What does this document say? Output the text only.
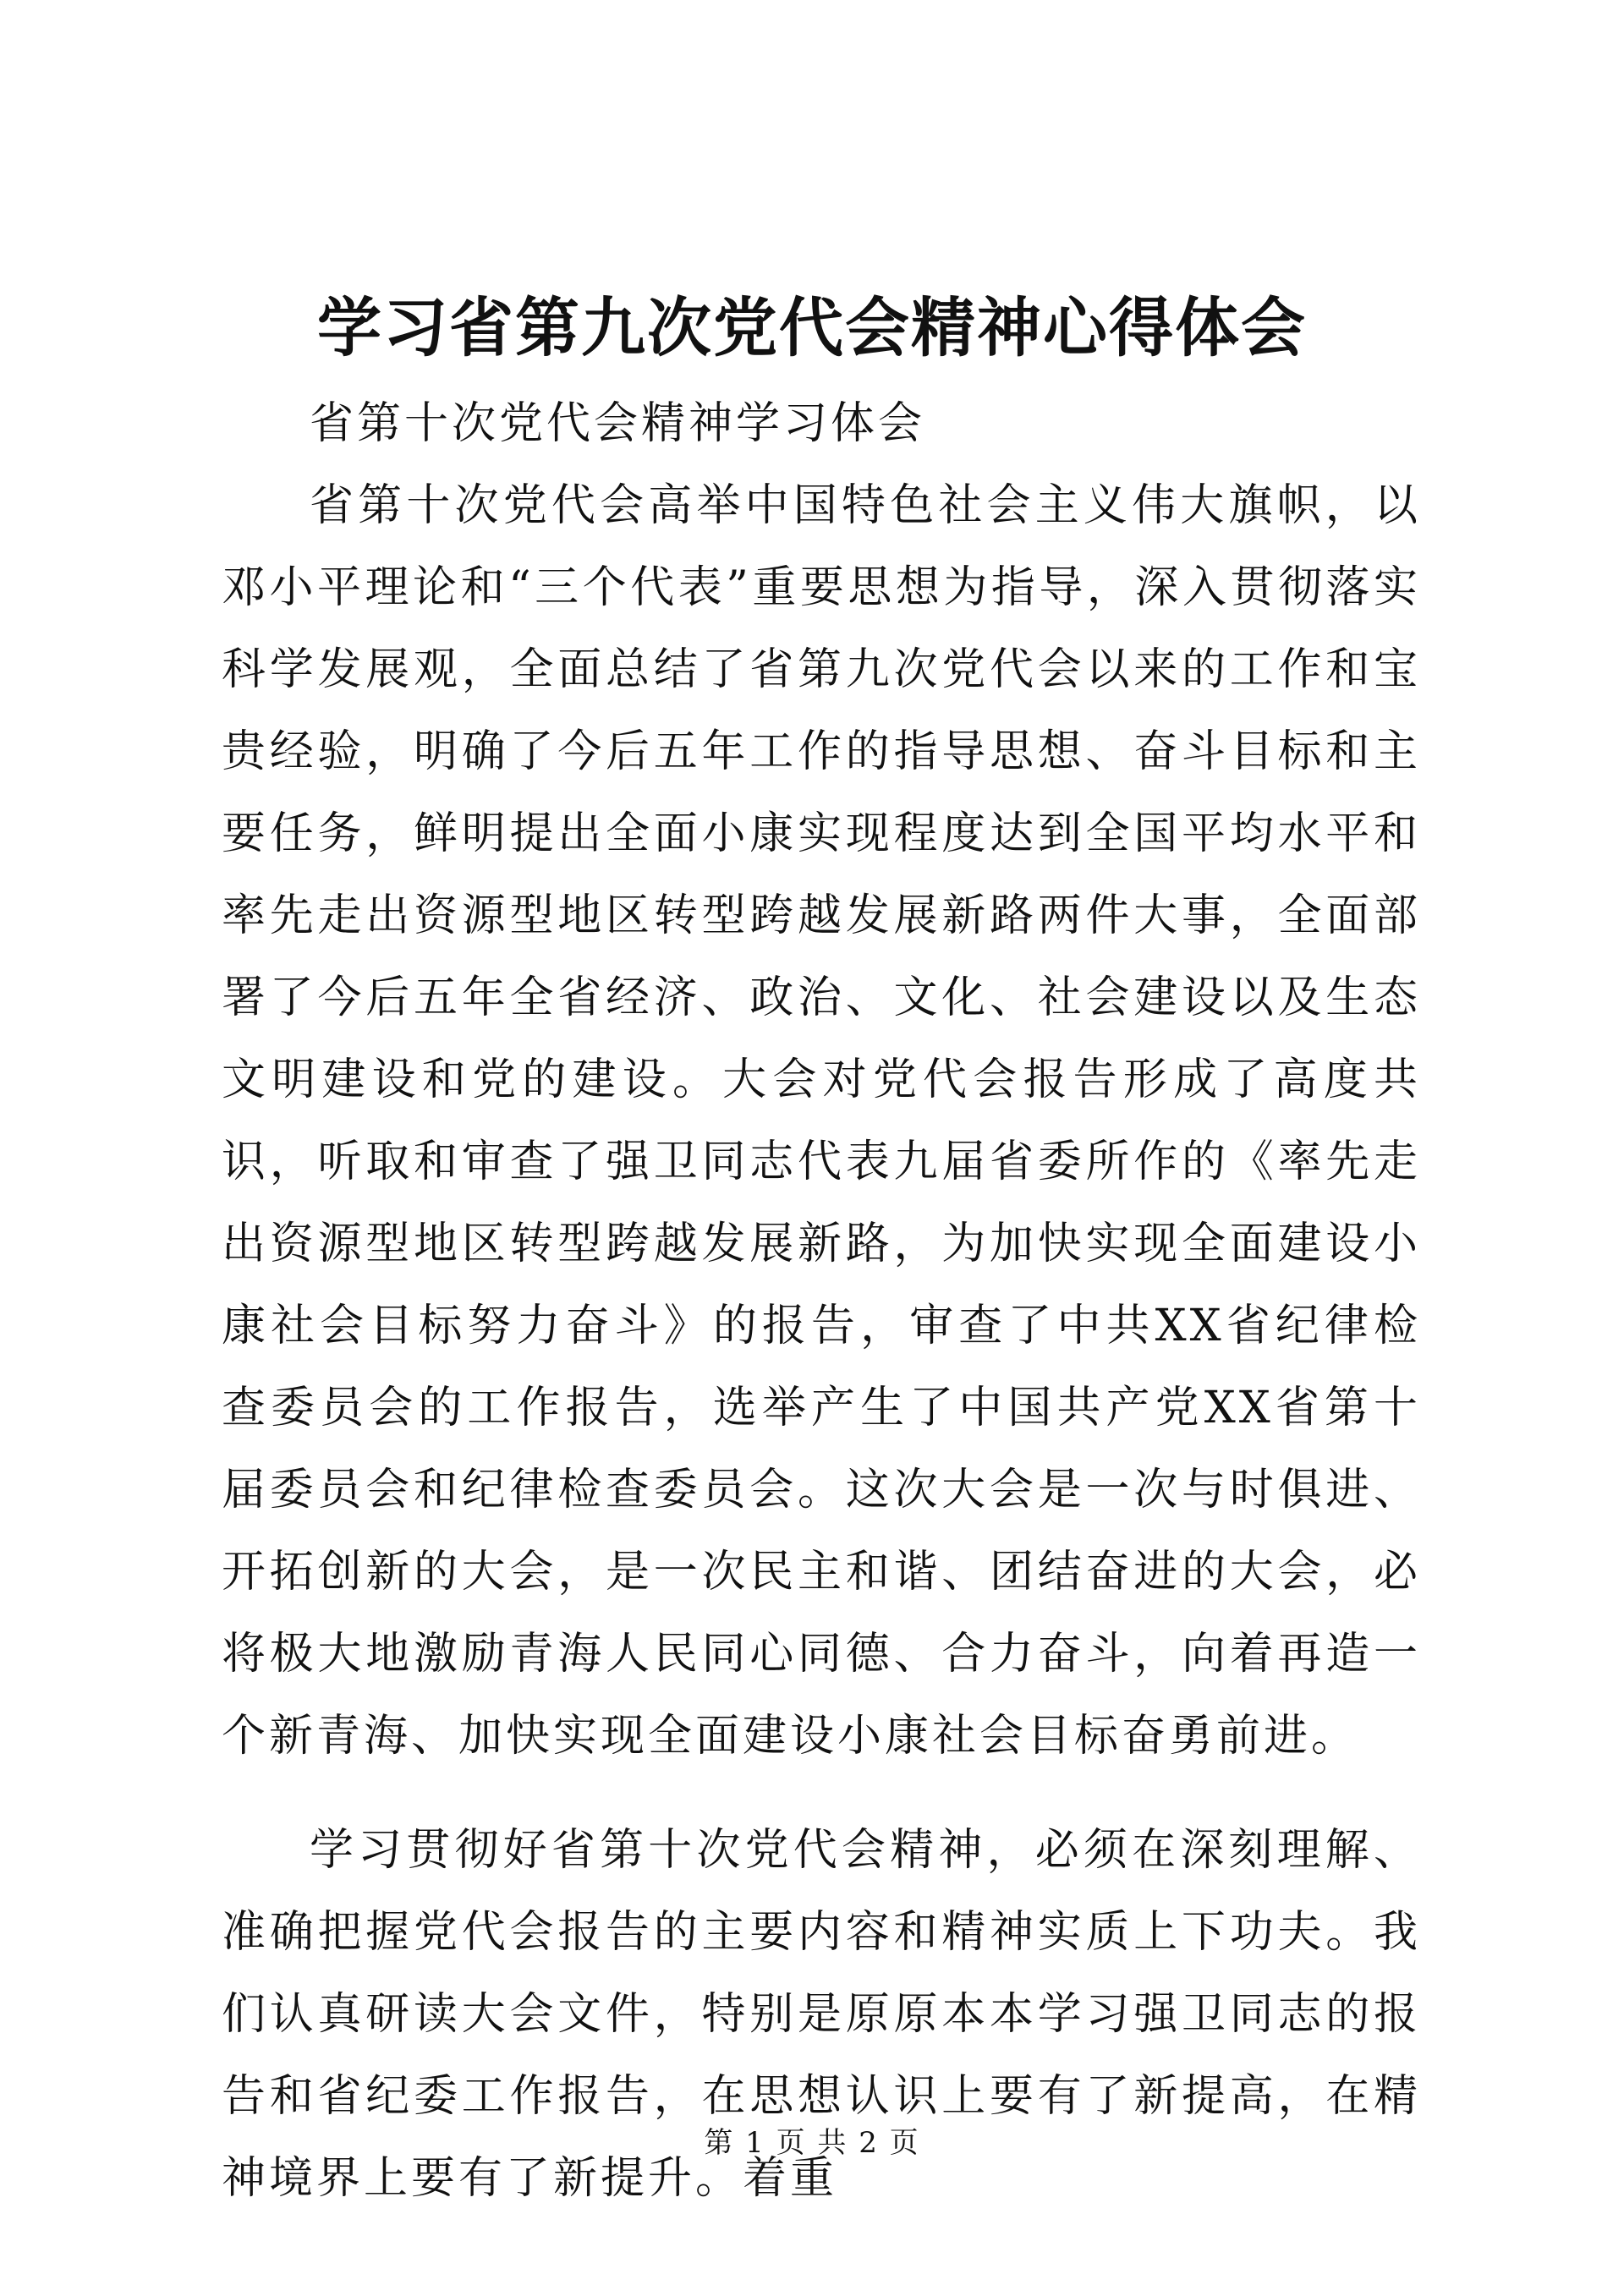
学习省第九次党代会精神心得体会

省第十次党代会精神学习体会

省第十次党代会高举中国特色社会主义伟大旗帜，以邓小平理论和“三个代表”重要思想为指导，深入贯彻落实科学发展观，全面总结了省第九次党代会以来的工作和宝贵经验，明确了今后五年工作的指导思想、奋斗目标和主要任务，鲜明提出全面小康实现程度达到全国平均水平和率先走出资源型地区转型跨越发展新路两件大事，全面部署了今后五年全省经济、政治、文化、社会建设以及生态文明建设和党的建设。大会对党代会报告形成了高度共识，听取和审查了强卫同志代表九届省委所作的《率先走出资源型地区转型跨越发展新路，为加快实现全面建设小康社会目标努力奋斗》的报告，审查了中共XX省纪律检查委员会的工作报告，选举产生了中国共产党XX省第十届委员会和纪律检查委员会。这次大会是一次与时俱进、开拓创新的大会，是一次民主和谐、团结奋进的大会，必将极大地激励青海人民同心同德、合力奋斗，向着再造一个新青海、加快实现全面建设小康社会目标奋勇前进。

学习贯彻好省第十次党代会精神，必须在深刻理解、准确把握党代会报告的主要内容和精神实质上下功夫。我们认真研读大会文件，特别是原原本本学习强卫同志的报告和省纪委工作报告，在思想认识上要有了新提高，在精神境界上要有了新提升。着重

第 1 页 共 2 页
